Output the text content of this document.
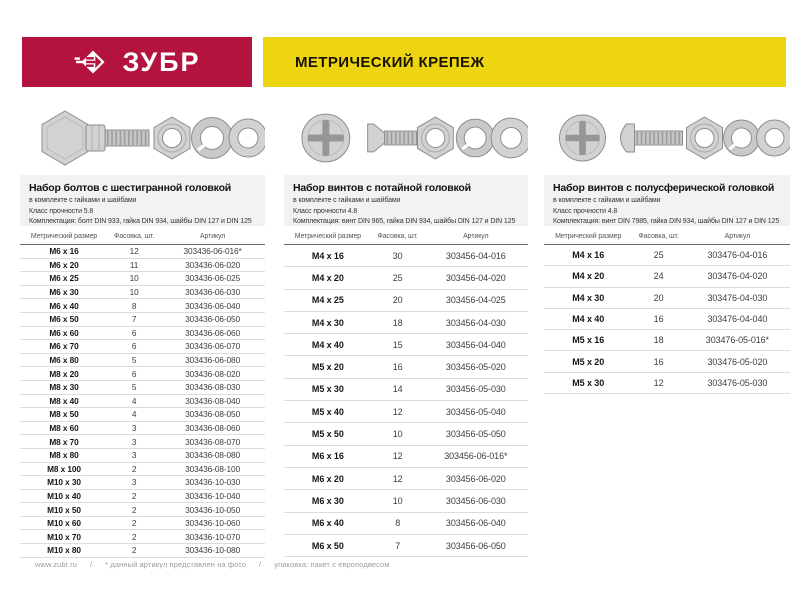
ЗУБР	МЕТРИЧЕСКИЙ КРЕПЕЖ
Набор болтов с шестигранной головкой
в комплекте с гайками и шайбами
Класс прочности 5.8
Комплектация: болт DIN 933, гайка DIN 934, шайбы DIN 127 и DIN 125
Метрический размер	Фасовка, шт.	Артикул
M6 x 16	12	303436-06-016*
M6 x 20	11	303436-06-020
M6 x 25	10	303436-06-025
M6 x 30	10	303436-06-030
M6 x 40	8	303436-06-040
M6 x 50	7	303436-06-050
M6 x 60	6	303436-06-060
M6 x 70	6	303436-06-070
M6 x 80	5	303436-06-080
M8 x 20	6	303436-08-020
M8 x 30	5	303436-08-030
M8 x 40	4	303436-08-040
M8 x 50	4	303436-08-050
M8 x 60	3	303436-08-060
M8 x 70	3	303436-08-070
M8 x 80	3	303436-08-080
M8 x 100	2	303436-08-100
M10 x 30	3	303436-10-030
M10 x 40	2	303436-10-040
M10 x 50	2	303436-10-050
M10 x 60	2	303436-10-060
M10 x 70	2	303436-10-070
M10 x 80	2	303436-10-080
Набор винтов с потайной головкой
в комплекте с гайками и шайбами
Класс прочности 4.8
Комплектация: винт DIN 965, гайка DIN 934, шайбы DIN 127 и DIN 125
Метрический размер	Фасовка, шт.	Артикул
M4 x 16	30	303456-04-016
M4 x 20	25	303456-04-020
M4 x 25	20	303456-04-025
M4 x 30	18	303456-04-030
M4 x 40	15	303456-04-040
M5 x 20	16	303456-05-020
M5 x 30	14	303456-05-030
M5 x 40	12	303456-05-040
M5 x 50	10	303456-05-050
M6 x 16	12	303456-06-016*
M6 x 20	12	303456-06-020
M6 x 30	10	303456-06-030
M6 x 40	8	303456-06-040
M6 x 50	7	303456-06-050
Набор винтов с полусферической головкой
в комплекте с гайками и шайбами
Класс прочности 4.8
Комплектация: винт DIN 7985, гайка DIN 934, шайбы DIN 127 и DIN 125
Метрический размер	Фасовка, шт.	Артикул
M4 x 16	25	303476-04-016
M4 x 20	24	303476-04-020
M4 x 30	20	303476-04-030
M4 x 40	16	303476-04-040
M5 x 16	18	303476-05-016*
M5 x 20	16	303476-05-020
M5 x 30	12	303476-05-030
www.zubr.ru / * данный артикул представлен на фото / упаковка: пакет с европодвесом
